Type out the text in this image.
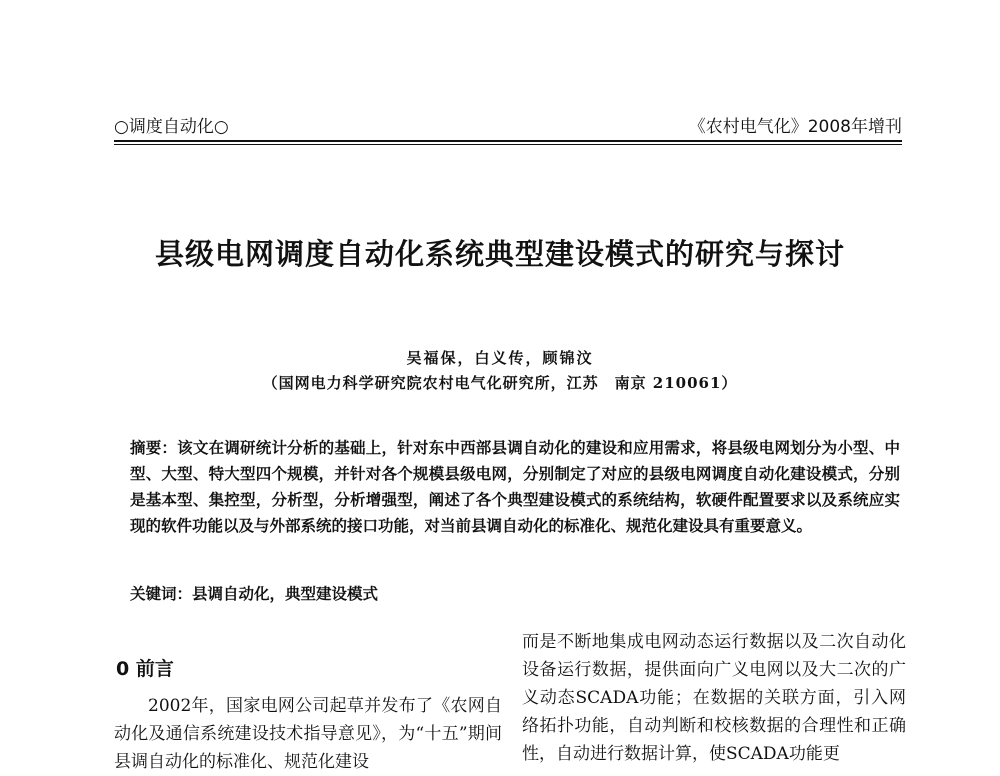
○调度自动化○	《农村电气化》2008年增刊
县级电网调度自动化系统典型建设模式的研究与探讨
吴福保，白义传，顾锦汶
（国网电力科学研究院农村电气化研究所，江苏　南京 210061）
摘要：该文在调研统计分析的基础上，针对东中西部县调自动化的建设和应用需求，将县级电网划分为小型、中型、大型、特大型四个规模，并针对各个规模县级电网，分别制定了对应的县级电网调度自动化建设模式，分别是基本型、集控型，分析型，分析增强型，阐述了各个典型建设模式的系统结构，软硬件配置要求以及系统应实现的软件功能以及与外部系统的接口功能，对当前县调自动化的标准化、规范化建设具有重要意义。
关键词：县调自动化，典型建设模式
0 前言

2002年，国家电网公司起草并发布了《农网自动化及通信系统建设技术指导意见》，为“十五”期间县调自动化的标准化、规范化建设

而是不断地集成电网动态运行数据以及二次自动化设备运行数据，提供面向广义电网以及大二次的广义动态SCADA功能；在数据的关联方面，引入网络拓扑功能，自动判断和校核数据的合理性和正确性，自动进行数据计算，使SCADA功能更
